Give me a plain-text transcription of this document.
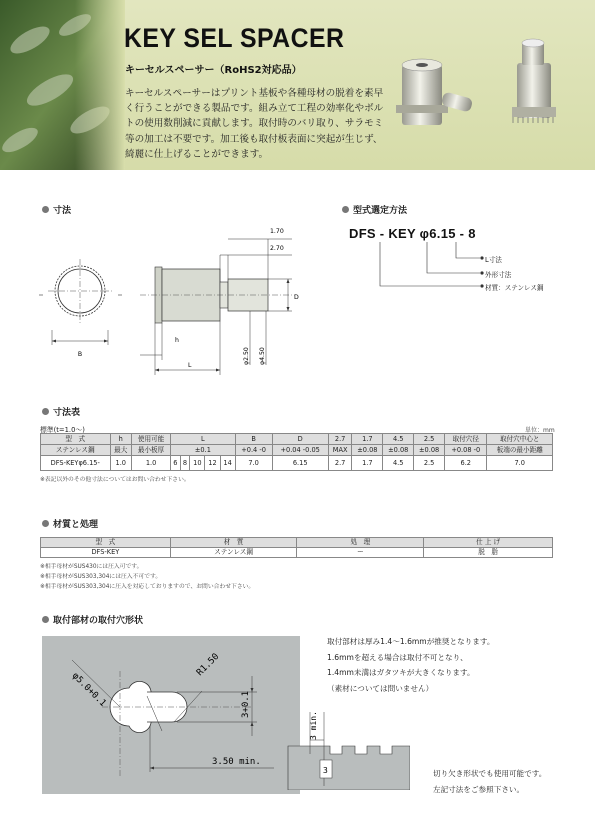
KEY SEL SPACER
キーセルスペーサー（RoHS2対応品）
キーセルスペーサーはプリント基板や各種母材の脱着を素早く行うことができる製品です。組み立て工程の効率化やボルトの使用数削減に貢献します。取付時のバリ取り、サラモミ等の加工は不要です。加工後も取付板表面に突起が生じず、綺麗に仕上げることができます。
寸法
B
1.70
2.70
D
h
L
φ2.50 φ4.50
型式選定方法
DFS - KEY φ6.15 - 8
L寸法
外形寸法
材質：ステンレス鋼
寸法表
標準(t=1.0～)	単位：mm
型　式	h	使用可能	L					B	D	2.7	1.7	4.5	2.5	取付穴径	取付穴中心と
ステンレス鋼	最大	最小板厚	±0.1					+0.4 -0	+0.04 -0.05	MAX	±0.08	±0.08	±0.08	+0.08 -0	板端の最小距離
DFS-KEYφ6.15-	1.0	1.0	6	8	10	12	14	7.0	6.15	2.7	1.7	4.5	2.5	6.2	7.0
※表記以外のその他寸法についてはお問い合わせ下さい。
材質と処理
型　式	材　質	処　理	仕 上 げ
DFS-KEY	ステンレス鋼	ー	脱　脂
※相手母材がSUS430には圧入可です。
※相手母材がSUS303,304には圧入不可です。
※相手母材がSUS303,304に圧入を対応しておりますので、お問い合わせ下さい。
取付部材の取付穴形状
φ5.0+0.1
R1.50
3+0.1
3.50 min.
取付部材は厚み1.4～1.6mmが推奨となります。
1.6mmを超える場合は取付不可となり、
1.4mm未満はガタツキが大きくなります。
（素材については問いません）
3 min.
3	切り欠き形状でも使用可能です。
左記寸法をご参照下さい。
